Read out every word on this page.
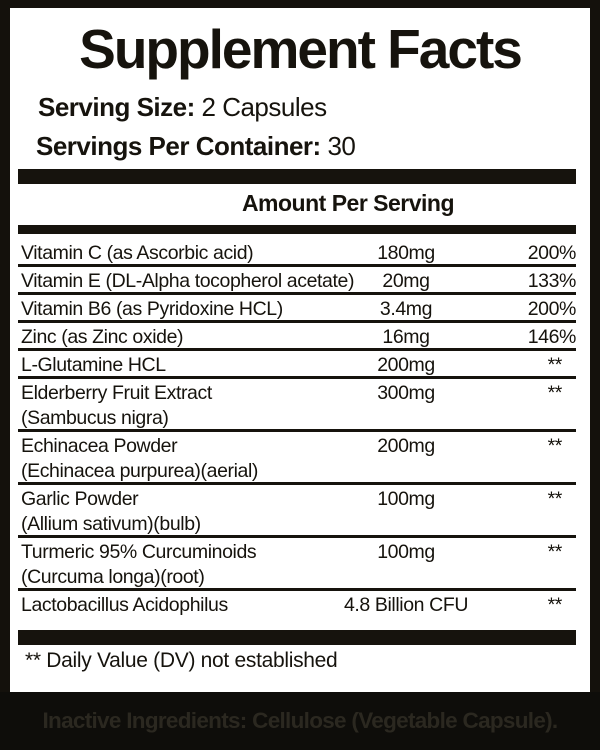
Supplement Facts
Serving Size: 2 Capsules
Servings Per Container: 30
Amount Per Serving
Vitamin C (as Ascorbic acid)	180mg	200%
Vitamin E (DL-Alpha tocopherol acetate)	20mg	133%
Vitamin B6 (as Pyridoxine HCL)	3.4mg	200%
Zinc (as Zinc oxide)	16mg	146%
L-Glutamine HCL	200mg	**
Elderberry Fruit Extract
(Sambucus nigra)
300mg	**
Echinacea Powder
(Echinacea purpurea)(aerial)
200mg	**
Garlic Powder
(Allium sativum)(bulb)
100mg	**
Turmeric 95% Curcuminoids
(Curcuma longa)(root)
100mg	**
Lactobacillus Acidophilus	4.8 Billion CFU	**
** Daily Value (DV) not established
Inactive Ingredients: Cellulose (Vegetable Capsule).
